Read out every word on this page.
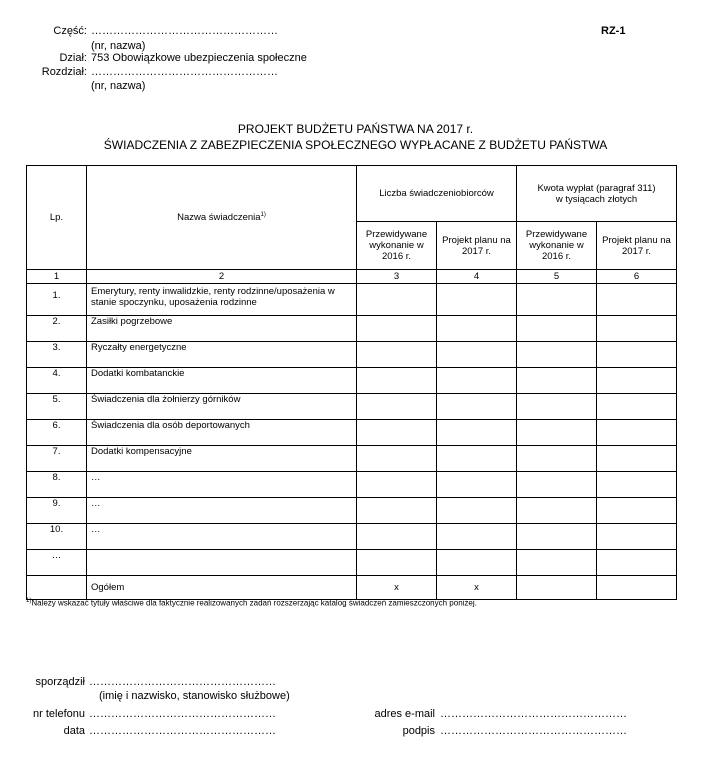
Część: ……………………………………………
(nr, nazwa)
Dział: 753 Obowiązkowe ubezpieczenia społeczne
Rozdział: ……………………………………………
(nr, nazwa)
RZ-1
PROJEKT BUDŻETU PAŃSTWA NA 2017 r.
ŚWIADCZENIA Z ZABEZPIECZENIA SPOŁECZNEGO WYPŁACANE Z BUDŻETU PAŃSTWA
Lp.	Nazwa świadczenia$^{1)}$	Liczba świadczeniobiorców		Kwota wypłat (paragraf 311)
w tysiącach złotych	
		Przewidywane wykonanie w 2016 r.	Projekt planu na 2017 r.	Przewidywane wykonanie w 2016 r.	Projekt planu na 2017 r.
1	2	3	4	5	6
1.	Emerytury, renty inwalidzkie, renty rodzinne/uposażenia w stanie spoczynku, uposażenia rodzinne				
2.	Zasiłki pogrzebowe				
3.	Ryczałty energetyczne				
4.	Dodatki kombatanckie				
5.	Świadczenia dla żołnierzy górników				
6.	Świadczenia dla osób deportowanych				
7.	Dodatki kompensacyjne				
8.	…				
9.	…				
10.	…				
…					
	Ogółem	x	x		
$^{1)}$Należy wskazać tytuły właściwe dla faktycznie realizowanych zadań rozszerzając katalog świadczeń zamieszczonych poniżej.
sporządził ……………………………………………
(imię i nazwisko, stanowisko służbowe)
nr telefonu ……………………………………………
data ……………………………………………
adres e-mail ……………………………………………
podpis ……………………………………………
